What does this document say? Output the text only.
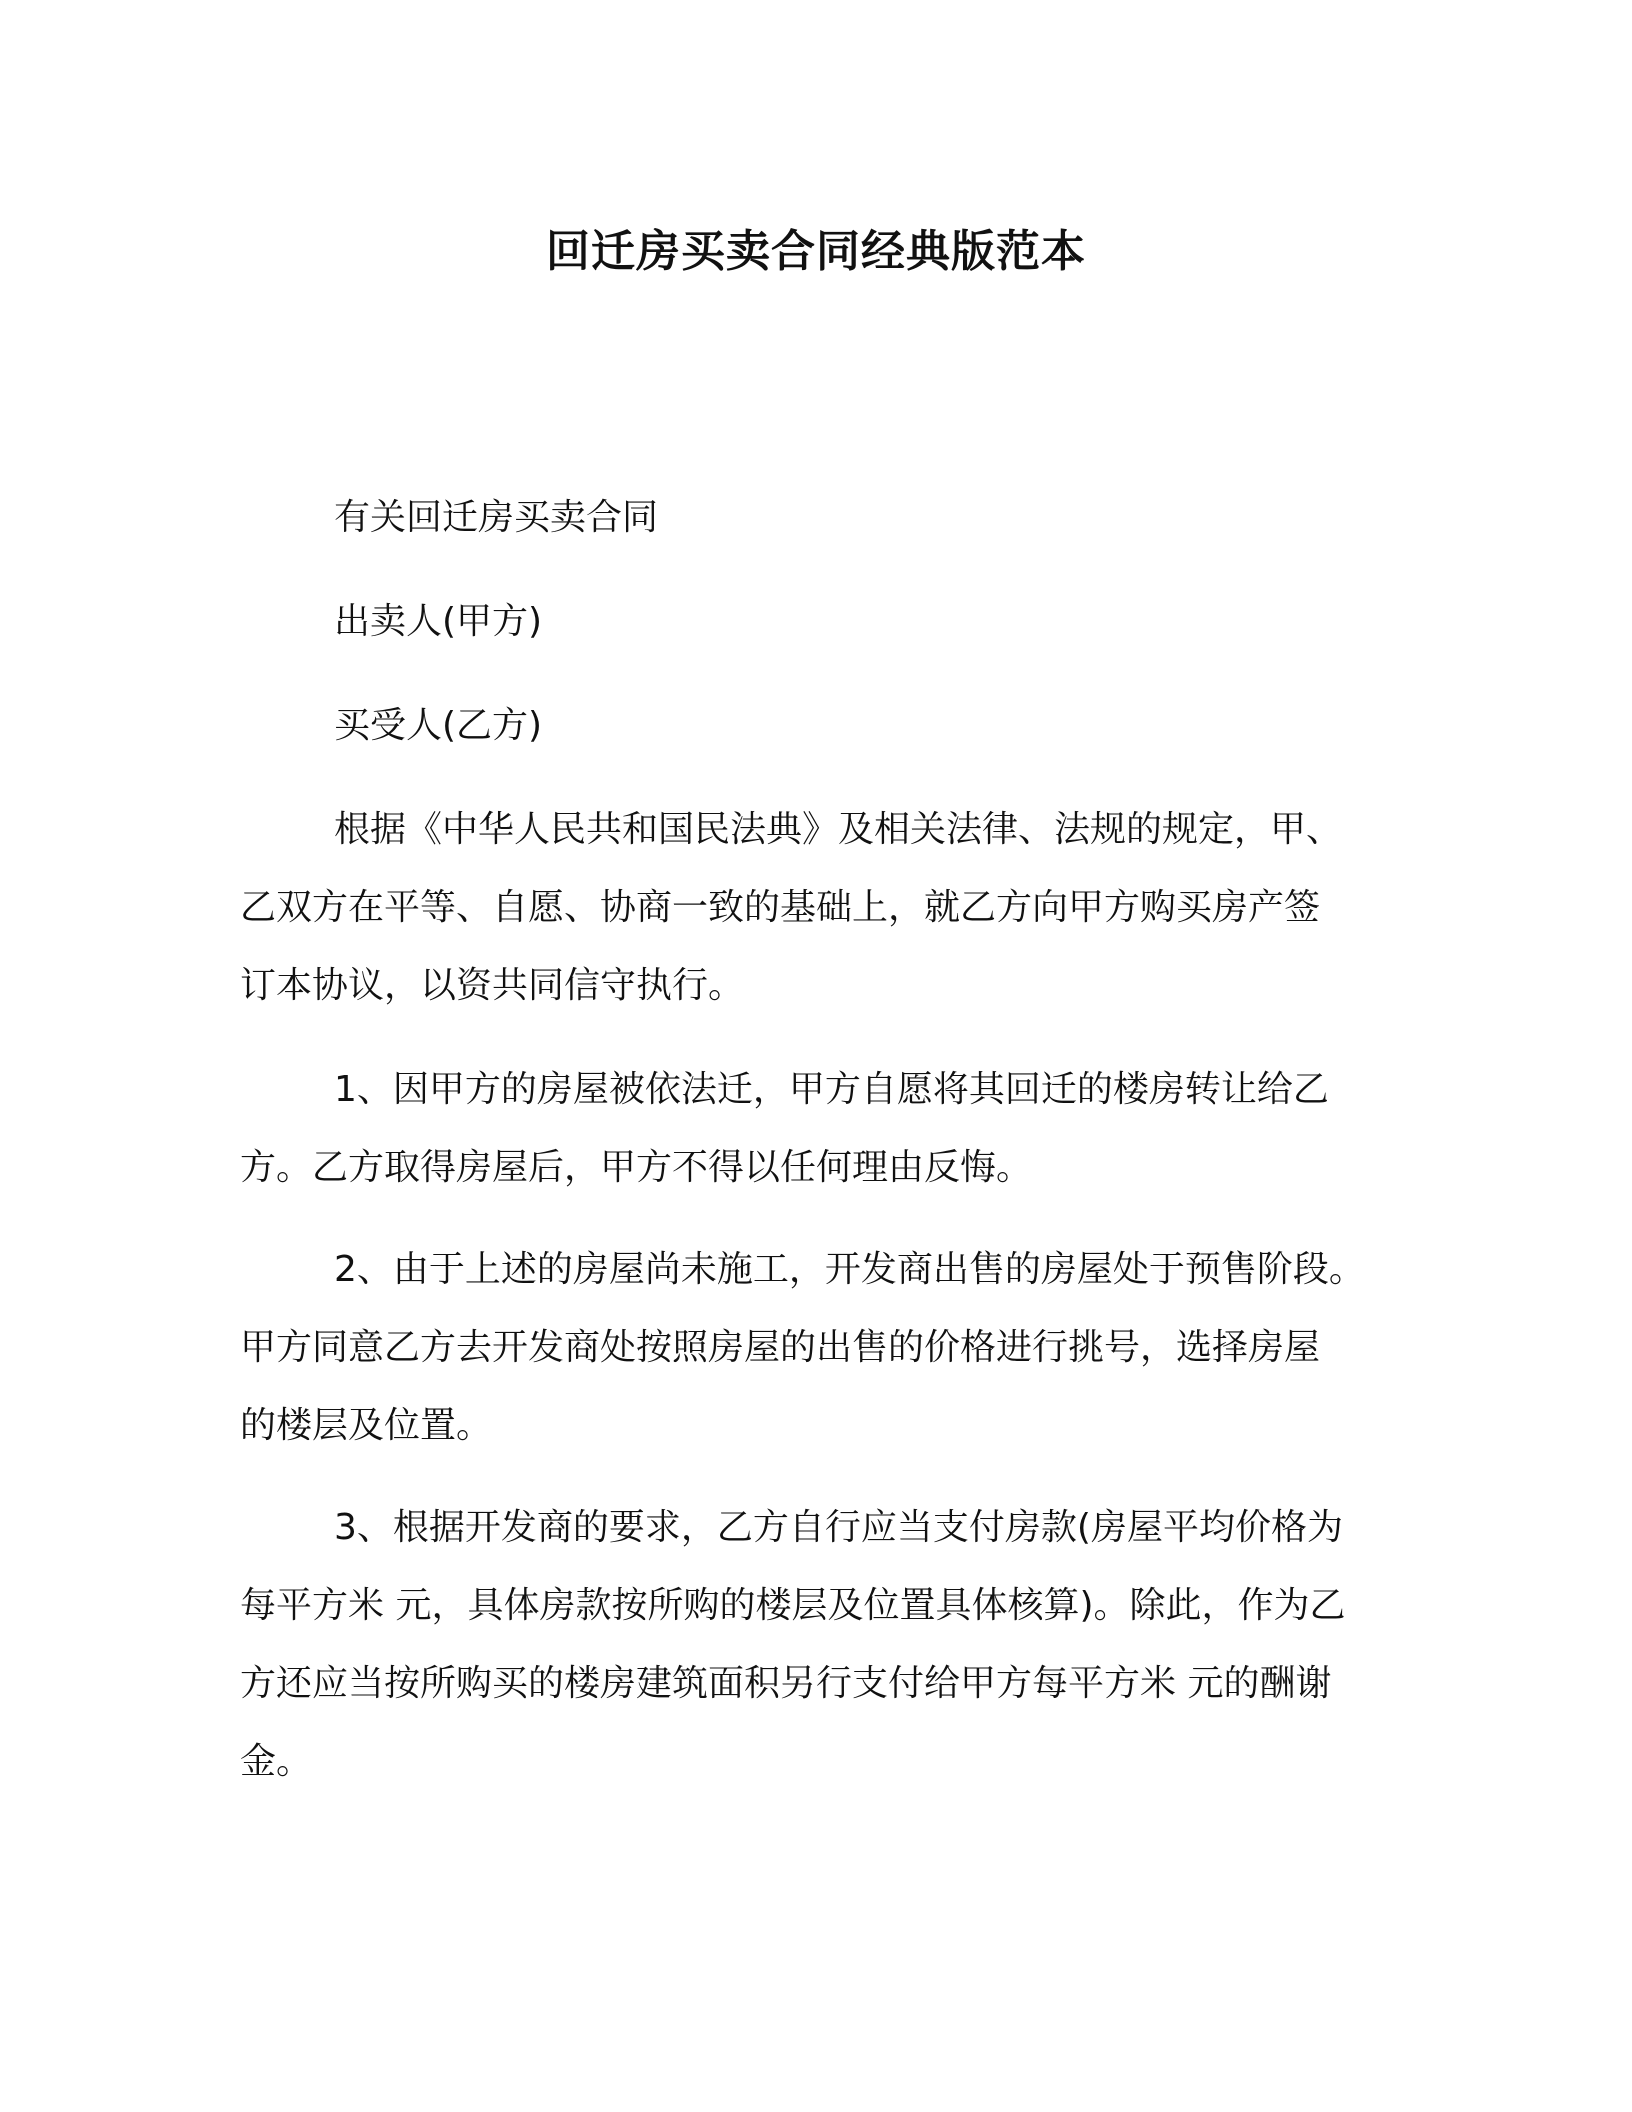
回迁房买卖合同经典版范本
有关回迁房买卖合同
出卖人(甲方)
买受人(乙方)
根据《中华人民共和国民法典》及相关法律、法规的规定，甲、
乙双方在平等、自愿、协商一致的基础上，就乙方向甲方购买房产签
订本协议，以资共同信守执行。
1、因甲方的房屋被依法迁，甲方自愿将其回迁的楼房转让给乙
方。乙方取得房屋后，甲方不得以任何理由反悔。
2、由于上述的房屋尚未施工，开发商出售的房屋处于预售阶段。
甲方同意乙方去开发商处按照房屋的出售的价格进行挑号，选择房屋
的楼层及位置。
3、根据开发商的要求，乙方自行应当支付房款(房屋平均价格为
每平方米 元，具体房款按所购的楼层及位置具体核算)。除此，作为乙
方还应当按所购买的楼房建筑面积另行支付给甲方每平方米 元的酬谢
金。
